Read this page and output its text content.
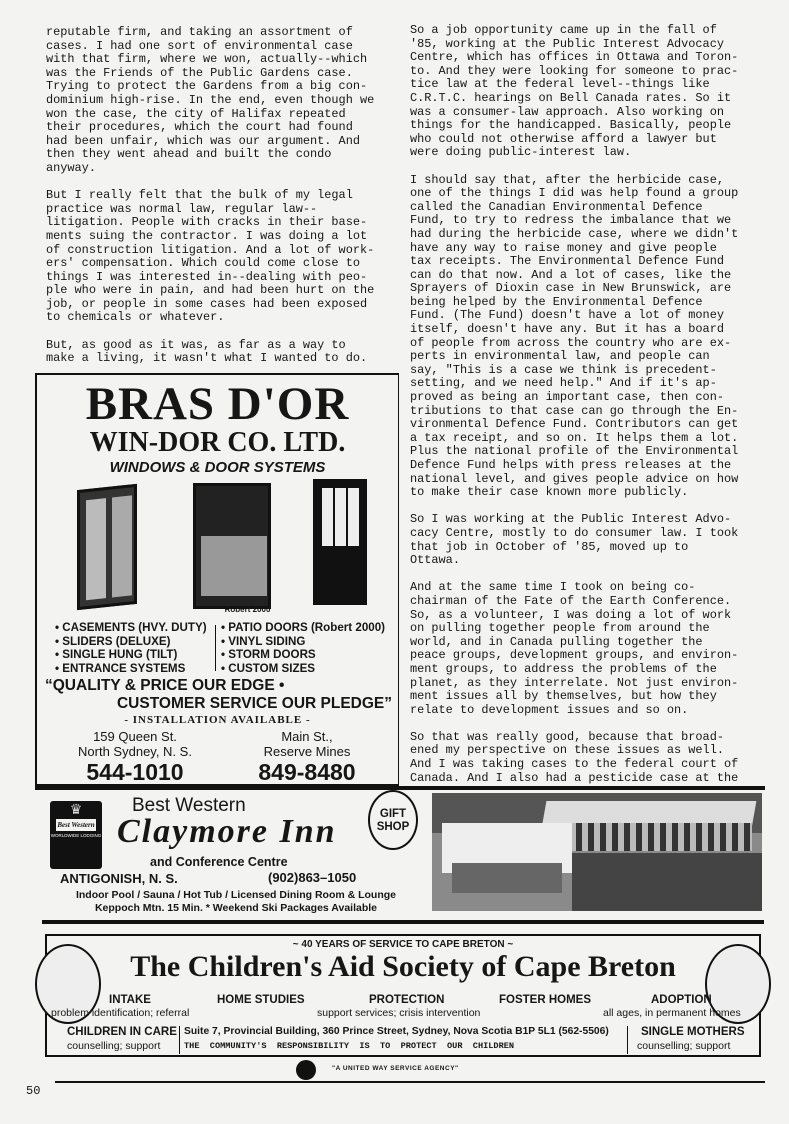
reputable firm, and taking an assortment of
cases. I had one sort of environmental case
with that firm, where we won, actually--which
was the Friends of the Public Gardens case.
Trying to protect the Gardens from a big con-
dominium high-rise. In the end, even though we
won the case, the city of Halifax repeated
their procedures, which the court had found
had been unfair, which was our argument. And
then they went ahead and built the condo
anyway.

But I really felt that the bulk of my legal
practice was normal law, regular law--
litigation. People with cracks in their base-
ments suing the contractor. I was doing a lot
of construction litigation. And a lot of work-
ers' compensation. Which could come close to
things I was interested in--dealing with peo-
ple who were in pain, and had been hurt on the
job, or people in some cases had been exposed
to chemicals or whatever.

But, as good as it was, as far as a way to
make a living, it wasn't what I wanted to do.

So a job opportunity came up in the fall of
'85, working at the Public Interest Advocacy
Centre, which has offices in Ottawa and Toron-
to. And they were looking for someone to prac-
tice law at the federal level--things like
C.R.T.C. hearings on Bell Canada rates. So it
was a consumer-law approach. Also working on
things for the handicapped. Basically, people
who could not otherwise afford a lawyer but
were doing public-interest law.

I should say that, after the herbicide case,
one of the things I did was help found a group
called the Canadian Environmental Defence
Fund, to try to redress the imbalance that we
had during the herbicide case, where we didn't
have any way to raise money and give people
tax receipts. The Environmental Defence Fund
can do that now. And a lot of cases, like the
Sprayers of Dioxin case in New Brunswick, are
being helped by the Environmental Defence
Fund. (The Fund) doesn't have a lot of money
itself, doesn't have any. But it has a board
of people from across the country who are ex-
perts in environmental law, and people can
say, "This is a case we think is precedent-
setting, and we need help." And if it's ap-
proved as being an important case, then con-
tributions to that case can go through the En-
vironmental Defence Fund. Contributors can get
a tax receipt, and so on. It helps them a lot.
Plus the national profile of the Environmental
Defence Fund helps with press releases at the
national level, and gives people advice on how
to make their case known more publicly.

So I was working at the Public Interest Advo-
cacy Centre, mostly to do consumer law. I took
that job in October of '85, moved up to
Ottawa.

And at the same time I took on being co-
chairman of the Fate of the Earth Conference.
So, as a volunteer, I was doing a lot of work
on pulling together people from around the
world, and in Canada pulling together the
peace groups, development groups, and environ-
ment groups, to address the problems of the
planet, as they interrelate. Not just environ-
ment issues all by themselves, but how they
relate to development issues and so on.

So that was really good, because that broad-
ened my perspective on these issues as well.
And I was taking cases to the federal court of
Canada. And I also had a pesticide case at the

BRAS D'OR
WIN-DOR CO. LTD.
WINDOWS & DOOR SYSTEMS
Robert 2000
• CASEMENTS (HVY. DUTY)
• SLIDERS (DELUXE)
• SINGLE HUNG (TILT)
• ENTRANCE SYSTEMS
• PATIO DOORS (Robert 2000)
• VINYL SIDING
• STORM DOORS
• CUSTOM SIZES
“QUALITY & PRICE OUR EDGE •
CUSTOMER SERVICE OUR PLEDGE”
- INSTALLATION AVAILABLE -
159 Queen St.
North Sydney, N. S.
544-1010
Main St.,
Reserve Mines
849-8480
♛
Best Western
WORLDWIDE LODGING
Best Western
Claymore Inn
and Conference Centre
ANTIGONISH, N. S.	(902)863–1050
Indoor Pool / Sauna / Hot Tub / Licensed Dining Room & Lounge
Keppoch Mtn. 15 Min. * Weekend Ski Packages Available
GIFT SHOP
~ 40 YEARS OF SERVICE TO CAPE BRETON ~
The Children's Aid Society of Cape Breton
INTAKE
problem identification; referral
HOME STUDIES	PROTECTION
support services; crisis intervention
FOSTER HOMES	ADOPTION
all ages, in permanent homes
CHILDREN IN CARE
counselling; support
Suite 7, Provincial Building, 360 Prince Street, Sydney, Nova Scotia B1P 5L1 (562-5506)
THE  COMMUNITY'S  RESPONSIBILITY  IS  TO  PROTECT  OUR  CHILDREN
SINGLE MOTHERS
counselling; support
"A UNITED WAY SERVICE AGENCY"
50
